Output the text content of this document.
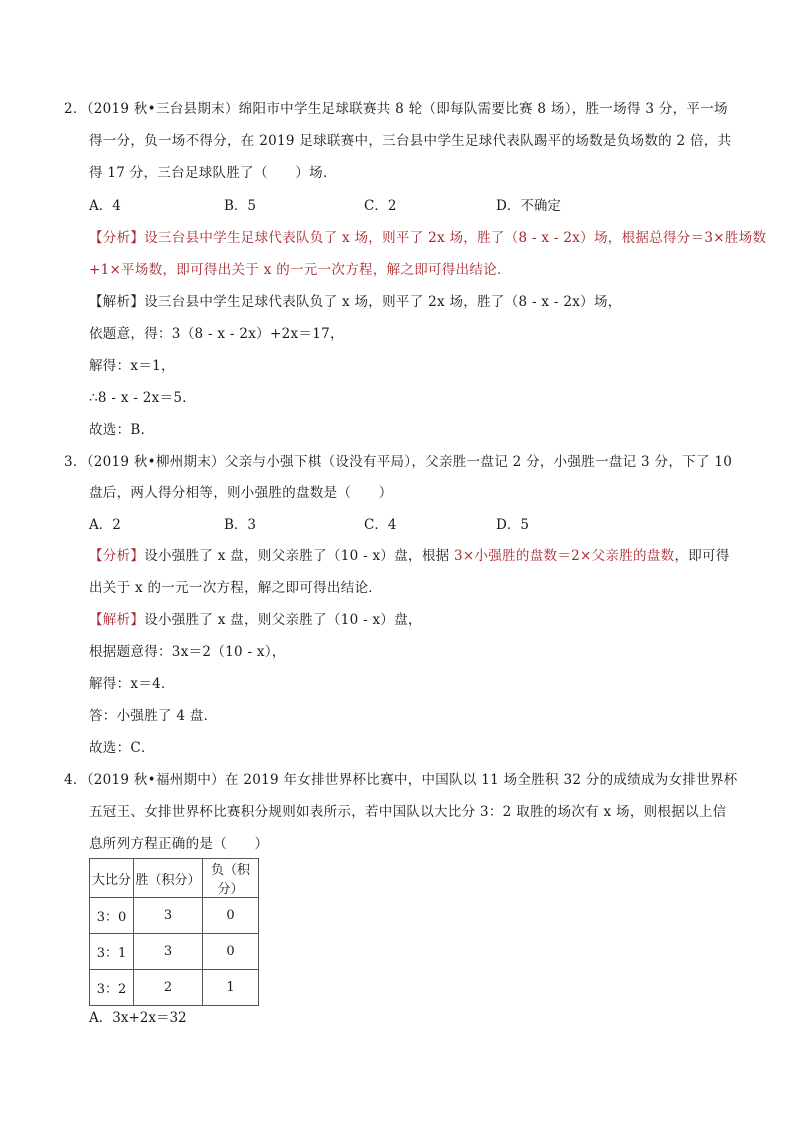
2．（2019 秋•三台县期末）绵阳市中学生足球联赛共 8 轮（即每队需要比赛 8 场），胜一场得 3 分，平一场
得一分，负一场不得分，在 2019 足球联赛中，三台县中学生足球代表队踢平的场数是负场数的 2 倍，共
得 17 分，三台足球队胜了（　　）场．
A．4	B．5	C．2	D．不确定
【分析】设三台县中学生足球代表队负了 x 场，则平了 2x 场，胜了（8 - x - 2x）场，根据总得分＝3×胜场数
+1×平场数，即可得出关于 x 的一元一次方程，解之即可得出结论．
【解析】设三台县中学生足球代表队负了 x 场，则平了 2x 场，胜了（8 - x - 2x）场，
依题意，得：3（8 - x - 2x）+2x＝17，
解得：x＝1，
∴8 - x - 2x＝5．
故选：B．
3．（2019 秋•柳州期末）父亲与小强下棋（设没有平局），父亲胜一盘记 2 分，小强胜一盘记 3 分，下了 10
盘后，两人得分相等，则小强胜的盘数是（　　）
A．2	B．3	C．4	D．5
【分析】设小强胜了 x 盘，则父亲胜了（10 - x）盘，根据 3×小强胜的盘数＝2×父亲胜的盘数，即可得
出关于 x 的一元一次方程，解之即可得出结论．
【解析】设小强胜了 x 盘，则父亲胜了（10 - x）盘，
根据题意得：3x＝2（10 - x），
解得：x＝4．
答：小强胜了 4 盘．
故选：C．
4．（2019 秋•福州期中）在 2019 年女排世界杯比赛中，中国队以 11 场全胜积 32 分的成绩成为女排世界杯
五冠王、女排世界杯比赛积分规则如表所示，若中国队以大比分 3：2 取胜的场次有 x 场，则根据以上信
息所列方程正确的是（　　）
大比分	胜（积分）	负（积分）
3：0	3	0
3：1	3	0
3：2	2	1
A．3x+2x＝32
